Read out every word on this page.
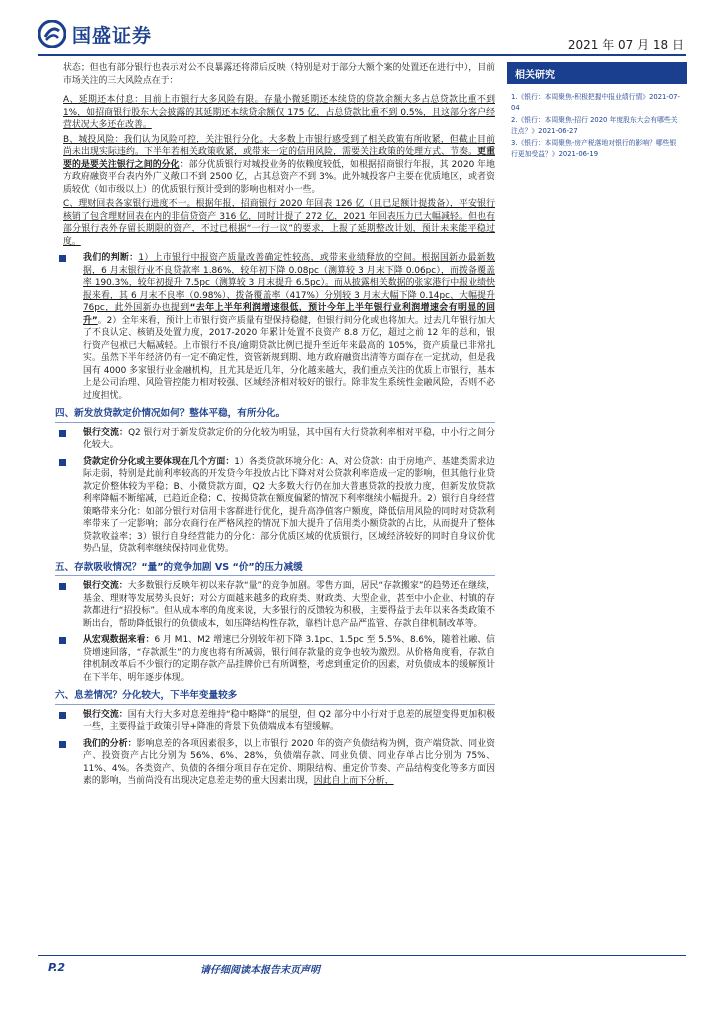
国盛证券	2021 年 07 月 18 日

状态；但也有部分银行也表示对公不良暴露还将滞后反映（特别是对于部分大额个案的处置还在进行中），目前市场关注的三大风险点在于：

A、延期还本付息：目前上市银行大多风险有限。存量小微延期还本续贷的贷款余额大多占总贷款比重不到 1%，如招商银行股东大会披露的其延期还本续贷余额仅 175 亿，占总贷款比重不到 0.5%，且这部分客户经营状况大多还在改善。

B、城投风险：我们认为风险可控，关注银行分化。大多数上市银行感受到了相关政策有所收紧，但截止目前尚未出现实际违约。下半年若相关政策收紧，或带来一定的信用风险，需要关注政策的处理方式、节奏。更重要的是要关注银行之间的分化：部分优质银行对城投业务的依赖度较低，如根据招商银行年报，其 2020 年地方政府融资平台表内外广义敞口不到 2500 亿，占其总资产不到 3%。此外城投客户主要在优质地区，或者资质较优（如市级以上）的优质银行预计受到的影响也相对小一些。

C、理财回表各家银行进度不一。根据年报，招商银行 2020 年回表 126 亿（且已足额计提拨备），平安银行核销了包含理财回表在内的非信贷资产 316 亿，同时计提了 272 亿，2021 年回表压力已大幅减轻。但也有部分银行表外存留长期限的资产，不过已根据“一行一议”的要求，上报了延期整改计划，预计未来能平稳过度。

我们的判断：1）上市银行中报资产质量改善确定性较高，或带来业绩释放的空间。根据国新办最新数据，6 月末银行业不良贷款率 1.86%，较年初下降 0.08pc（测算较 3 月末下降 0.06pc），而拨备覆盖率 190.3%，较年初提升 7.5pc（测算较 3 月末提升 6.5pc）。而从披露相关数据的张家港行中报业绩快报来看，其 6 月末不良率（0.98%）、拨备覆盖率（417%）分别较 3 月末大幅下降 0.14pc、大幅提升 76pc，此外国新办也提到“去年上半年利润增速很低，预计今年上半年银行业利润增速会有明显的回升”。2）全年来看，预计上市银行资产质量有望保持稳健，但银行间分化或也将加大。过去几年银行加大了不良认定、核销及处置力度，2017-2020 年累计处置不良资产 8.8 万亿，超过之前 12 年的总和，银行资产包袱已大幅减轻。上市银行不良/逾期贷款比例已提升至近年来最高的 105%，资产质量已非常扎实。虽然下半年经济仍有一定不确定性，资管新规到期、地方政府融资出清等方面存在一定扰动，但是我国有 4000 多家银行业金融机构，且尤其是近几年，分化越来越大，我们重点关注的优质上市银行，基本上是公司治理、风险管控能力相对较强、区域经济相对较好的银行。除非发生系统性金融风险，否则不必过度担忧。

四、新发放贷款定价情况如何？整体平稳，有所分化。

银行交流：Q2 银行对于新发贷款定价的分化较为明显，其中国有大行贷款利率相对平稳，中小行之间分化较大。

贷款定价分化或主要体现在几个方面：1）各类贷款环境分化：A、对公贷款：由于房地产、基建类需求边际走弱，特别是此前利率较高的开发贷今年投放占比下降对对公贷款利率造成一定的影响，但其他行业贷款定价整体较为平稳；B、小微贷款方面，Q2 大多数大行仍在加大普惠贷款的投放力度，但新发放贷款利率降幅不断缩减，已趋近企稳；C、按揭贷款在额度偏紧的情况下利率继续小幅提升。2）银行自身经营策略带来分化：如部分银行对信用卡客群进行优化，提升高净值客户额度，降低信用风险的同时对贷款利率带来了一定影响；部分农商行在严格风控的情况下加大提升了信用类小额贷款的占比，从而提升了整体贷款收益率；3）银行自身经营能力的分化：部分优质区域的优质银行，区域经济较好的同时自身议价优势凸显，贷款利率继续保持同业优势。

五、存款吸收情况？“量”的竞争加剧 VS “价”的压力减缓

银行交流：大多数银行反映年初以来存款“量”的竞争加剧。零售方面，居民“存款搬家”的趋势还在继续，基金、理财等发展势头良好；对公方面越来越多的政府类、财政类、大型企业，甚至中小企业、村镇的存款都进行“招投标”。但从成本率的角度来说，大多银行的反馈较为积极，主要得益于去年以来各类政策不断出台，帮助降低银行的负债成本，如压降结构性存款，靠档计息产品严监管、存款自律机制改革等。

从宏观数据来看：6 月 M1、M2 增速已分别较年初下降 3.1pc、1.5pc 至 5.5%、8.6%，随着社融、信贷增速回落，“存款派生”的力度也将有所减弱，银行间存款量的竞争也较为激烈。从价格角度看，存款自律机制改革后不少银行的定期存款产品挂牌价已有所调整，考虑到重定价的因素，对负债成本的缓解预计在下半年、明年逐步体现。

六、息差情况？分化较大，下半年变量较多

银行交流：国有大行大多对息差维持“稳中略降”的展望，但 Q2 部分中小行对于息差的展望变得更加积极一些，主要得益于政策引导+降准的背景下负债端成本有望缓解。

我们的分析：影响息差的各项因素很多，以上市银行 2020 年的资产负债结构为例，资产端贷款、同业资产、投资资产占比分别为 56%、6%、28%，负债端存款、同业负债、同业存单占比分别为 75%、11%、4%。各类资产、负债的各细分项目存在定价、期限结构、重定价节奏、产品结构变化等多方面因素的影响，当前尚没有出现决定息差走势的重大因素出现，因此自上而下分析，

相关研究
1.《银行：本周聚焦-积极把握中报业绩行情》2021-07-04
2.《银行：本周聚焦-招行 2020 年度股东大会有哪些关注点？》2021-06-27
3.《银行：本周聚焦-房产税落地对银行的影响？哪些银行更加受益？》2021-06-19
P.2	请仔细阅读本报告末页声明
